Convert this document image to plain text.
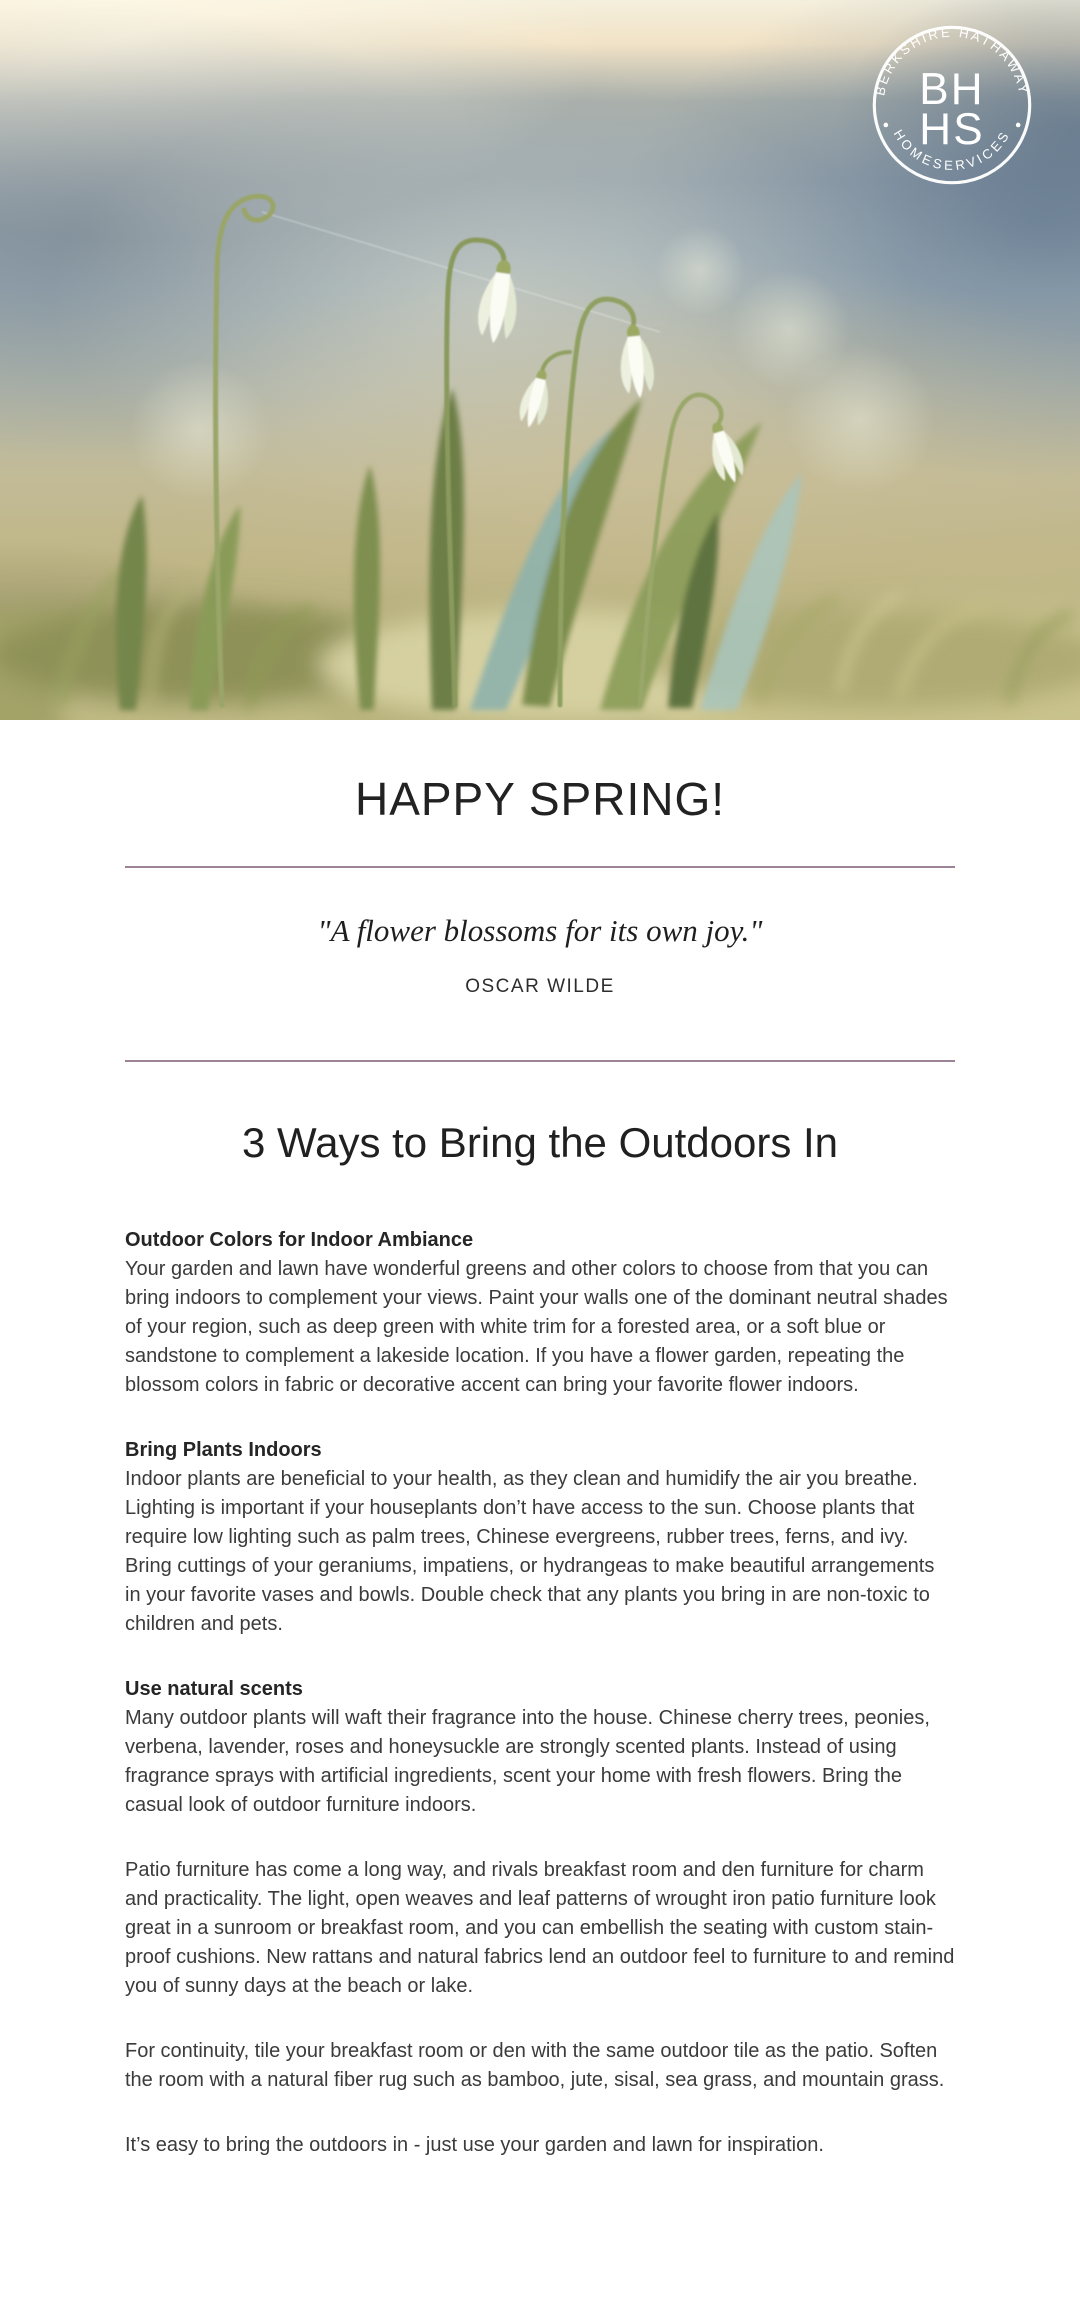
BERKSHIRE HATHAWAY
HOMESERVICES
BH
HS
HAPPY SPRING!
"A flower blossoms for its own joy."
OSCAR WILDE
3 Ways to Bring the Outdoors In
Outdoor Colors for Indoor Ambiance

Your garden and lawn have wonderful greens and other colors to choose from that you can bring indoors to complement your views. Paint your walls one of the dominant neutral shades of your region, such as deep green with white trim for a forested area, or a soft blue or sandstone to complement a lakeside location. If you have a flower garden, repeating the blossom colors in fabric or decorative accent can bring your favorite flower indoors.

Bring Plants Indoors

Indoor plants are beneficial to your health, as they clean and humidify the air you breathe. Lighting is important if your houseplants don’t have access to the sun. Choose plants that require low lighting such as palm trees, Chinese evergreens, rubber trees, ferns, and ivy. Bring cuttings of your geraniums, impatiens, or hydrangeas to make beautiful arrangements in your favorite vases and bowls. Double check that any plants you bring in are non-toxic to children and pets.

Use natural scents

Many outdoor plants will waft their fragrance into the house. Chinese cherry trees, peonies, verbena, lavender, roses and honeysuckle are strongly scented plants. Instead of using fragrance sprays with artificial ingredients, scent your home with fresh flowers. Bring the casual look of outdoor furniture indoors.

Patio furniture has come a long way, and rivals breakfast room and den furniture for charm and practicality. The light, open weaves and leaf patterns of wrought iron patio furniture look great in a sunroom or breakfast room, and you can embellish the seating with custom stain-proof cushions. New rattans and natural fabrics lend an outdoor feel to furniture to and remind you of sunny days at the beach or lake.

For continuity, tile your breakfast room or den with the same outdoor tile as the patio. Soften the room with a natural fiber rug such as bamboo, jute, sisal, sea grass, and mountain grass.

It’s easy to bring the outdoors in - just use your garden and lawn for inspiration.
